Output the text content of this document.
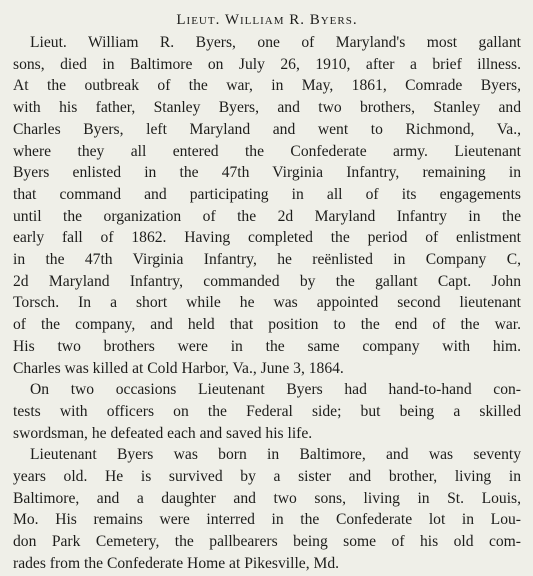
Lieut. William R. Byers.
Lieut. William R. Byers, one of Maryland's most gallant
sons, died in Baltimore on July 26, 1910, after a brief illness.
At the outbreak of the war, in May, 1861, Comrade Byers,
with his father, Stanley Byers, and two brothers, Stanley and
Charles Byers, left Maryland and went to Richmond, Va.,
where they all entered the Confederate army. Lieutenant
Byers enlisted in the 47th Virginia Infantry, remaining in
that command and participating in all of its engagements
until the organization of the 2d Maryland Infantry in the
early fall of 1862. Having completed the period of enlistment
in the 47th Virginia Infantry, he reënlisted in Company C,
2d Maryland Infantry, commanded by the gallant Capt. John
Torsch. In a short while he was appointed second lieutenant
of the company, and held that position to the end of the war.
His two brothers were in the same company with him.
Charles was killed at Cold Harbor, Va., June 3, 1864.
On two occasions Lieutenant Byers had hand-to-hand con-
tests with officers on the Federal side; but being a skilled
swordsman, he defeated each and saved his life.
Lieutenant Byers was born in Baltimore, and was seventy
years old. He is survived by a sister and brother, living in
Baltimore, and a daughter and two sons, living in St. Louis,
Mo. His remains were interred in the Confederate lot in Lou-
don Park Cemetery, the pallbearers being some of his old com-
rades from the Confederate Home at Pikesville, Md.
